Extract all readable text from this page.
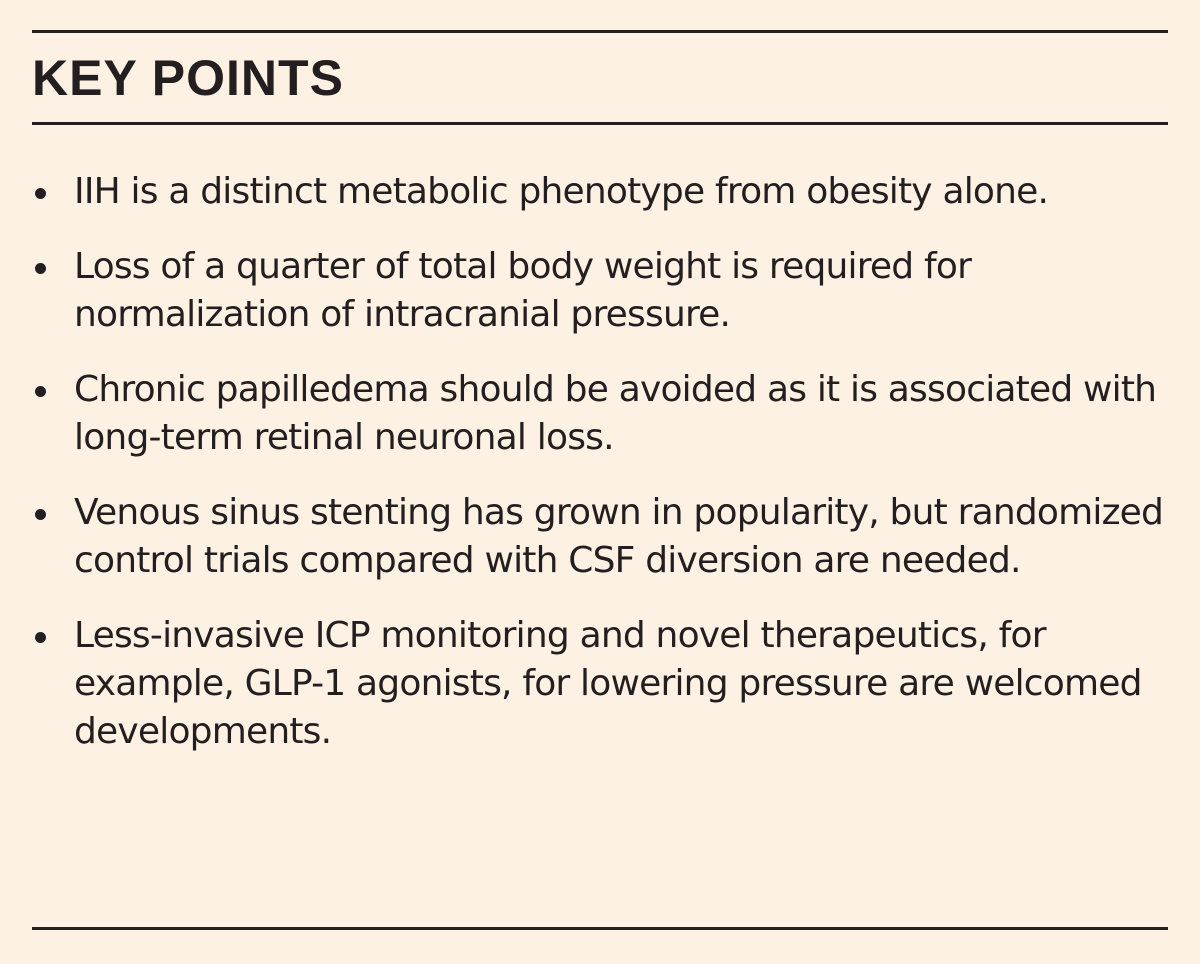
KEY POINTS
IIH is a distinct metabolic phenotype from obesity alone.
Loss of a quarter of total body weight is required for normalization of intracranial pressure.
Chronic papilledema should be avoided as it is associated with long-term retinal neuronal loss.
Venous sinus stenting has grown in popularity, but randomized control trials compared with CSF diversion are needed.
Less-invasive ICP monitoring and novel therapeutics, for example, GLP-1 agonists, for lowering pressure are welcomed developments.
